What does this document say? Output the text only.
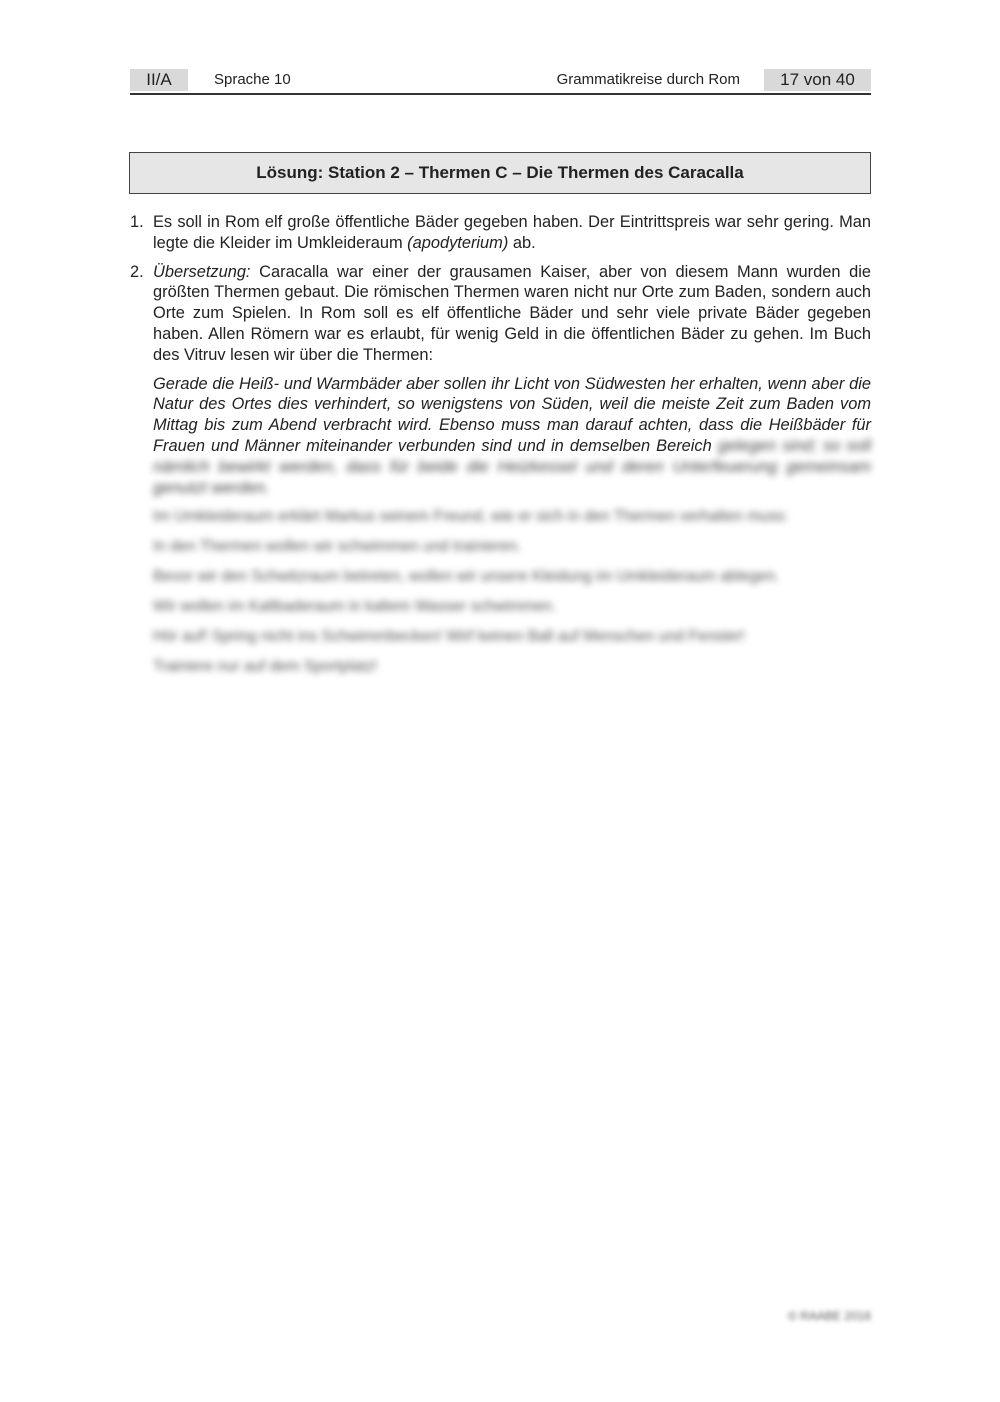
II/A	Sprache 10	Grammatikreise durch Rom	17 von 40
Lösung: Station 2 – Thermen C – Die Thermen des Caracalla
1. Es soll in Rom elf große öffentliche Bäder gegeben haben. Der Eintrittspreis war sehr gering. Man legte die Kleider im Umkleideraum (apodyterium) ab.
2. Übersetzung: Caracalla war einer der grausamen Kaiser, aber von diesem Mann wurden die größten Thermen gebaut. Die römischen Thermen waren nicht nur Orte zum Baden, sondern auch Orte zum Spielen. In Rom soll es elf öffentliche Bäder und sehr viele private Bäder gegeben haben. Allen Römern war es erlaubt, für wenig Geld in die öffentlichen Bäder zu gehen. Im Buch des Vitruv lesen wir über die Thermen:
Gerade die Heiß- und Warmbäder aber sollen ihr Licht von Südwesten her erhalten, wenn aber die Natur des Ortes dies verhindert, so wenigstens von Süden, weil die meiste Zeit zum Baden vom Mittag bis zum Abend verbracht wird. Ebenso muss man darauf achten, dass die Heißbäder für Frauen und Männer miteinander verbunden sind und in demselben Bereich gelegen sind; so soll nämlich bewirkt werden, dass für beide die Heizkessel und deren Unterfeuerung gemeinsam genutzt werden.

Im Umkleideraum erklärt Markus seinem Freund, wie er sich in den Thermen verhalten muss:

In den Thermen wollen wir schwimmen und trainieren.

Bevor wir den Schwitzraum betreten, wollen wir unsere Kleidung im Umkleideraum ablegen.

Wir wollen im Kaltbaderaum in kaltem Wasser schwimmen.

Hör auf! Spring nicht ins Schwimmbecken! Wirf keinen Ball auf Menschen und Fenster!

Trainiere nur auf dem Sportplatz!

© RAABE 2016
